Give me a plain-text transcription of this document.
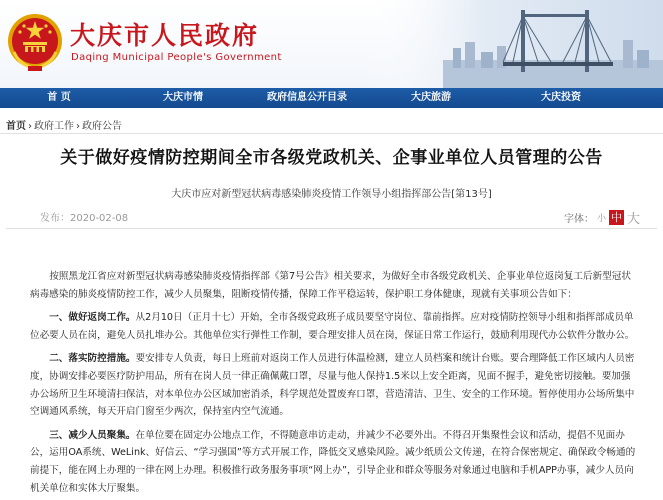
大庆市人民政府
Daqing Municipal People's Government
首 页	大庆市情	政府信息公开目录	大庆旅游	大庆投资
首页 › 政府工作 › 政府公告
关于做好疫情防控期间全市各级党政机关、企事业单位人员管理的公告
大庆市应对新型冠状病毒感染肺炎疫情工作领导小组指挥部公告[第13号]
发布：2020-02-08	字体： 小 中 大

按照黑龙江省应对新型冠状病毒感染肺炎疫情指挥部《第7号公告》相关要求，为做好全市各级党政机关、企事业单位返岗复工后新型冠状病毒感染的肺炎疫情防控工作，减少人员聚集，阻断疫情传播，保障工作平稳运转，保护职工身体健康，现就有关事项公告如下：

一、做好返岗工作。从2月10日（正月十七）开始，全市各级党政班子成员要坚守岗位、靠前指挥。应对疫情防控领导小组和指挥部成员单位必要人员在岗，避免人员扎堆办公。其他单位实行弹性工作制，要合理安排人员在岗，保证日常工作运行，鼓励利用现代办公软件分散办公。

二、落实防控措施。要安排专人负责，每日上班前对返岗工作人员进行体温检测，建立人员档案和统计台账。要合理降低工作区域内人员密度，协调安排必要医疗防护用品，所有在岗人员一律正确佩戴口罩，尽量与他人保持1.5米以上安全距离，见面不握手，避免密切接触。要加强办公场所卫生环境清扫保洁，对本单位办公区域加密消杀，科学规范处置废弃口罩，营造清洁、卫生、安全的工作环境。暂停使用办公场所集中空调通风系统，每天开启门窗至少两次，保持室内空气流通。

三、减少人员聚集。在单位要在固定办公地点工作，不得随意串访走动，并减少不必要外出。不得召开集聚性会议和活动，提倡不见面办公，运用OA系统、WeLink、好信云、“学习强国”等方式开展工作，降低交叉感染风险。减少纸质公文传递，在符合保密规定、确保政令畅通的前提下，能在网上办理的一律在网上办理。积极推行政务服务事项“网上办”，引导企业和群众等服务对象通过电脑和手机APP办事，减少人员向机关单位和实体大厅聚集。
